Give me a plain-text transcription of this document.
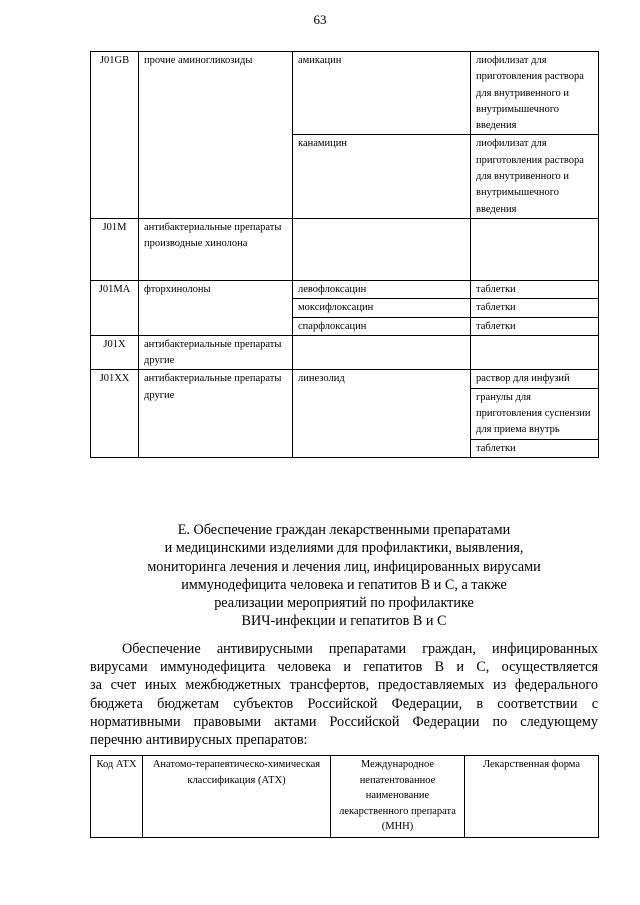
63
J01GB	прочие аминогликозиды	амикацин	лиофилизат для приготовления раствора для внутривенного и внутримышечного введения
		канамицин	лиофилизат для приготовления раствора для внутривенного и внутримышечного введения
J01M	антибактериальные препараты производные хинолона		
J01MA	фторхинолоны	левофлоксацин	таблетки
		моксифлоксацин	таблетки
		спарфлоксацин	таблетки
J01X	антибактериальные препараты другие		
J01XX	антибактериальные препараты другие	линезолид	раствор для инфузий
			гранулы для приготовления суспензии для приема внутрь
			таблетки
Е. Обеспечение граждан лекарственными препаратами
и медицинскими изделиями для профилактики, выявления,
мониторинга лечения и лечения лиц, инфицированных вирусами
иммунодефицита человека и гепатитов В и С, а также
реализации мероприятий по профилактике
ВИЧ-инфекции и гепатитов В и С
Обеспечение антивирусными препаратами граждан, инфицированных
вирусами иммунодефицита человека и гепатитов В и С, осуществляется
за счет иных межбюджетных трансфертов, предоставляемых из федерального
бюджета бюджетам субъектов Российской Федерации, в соответствии с
нормативными правовыми актами Российской Федерации по следующему
перечню антивирусных препаратов:
Код АТХ	Анатомо-терапевтическо-химическая классификация (АТХ)	Международное непатентованное наименование лекарственного препарата (МНН)	Лекарственная форма
